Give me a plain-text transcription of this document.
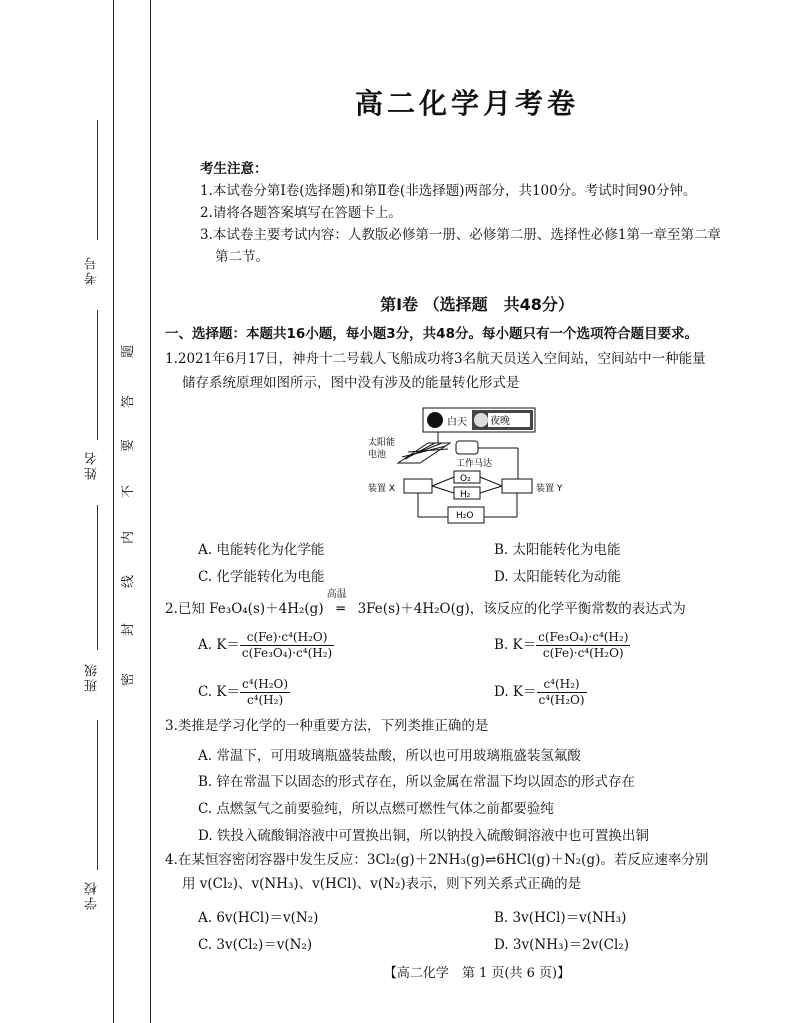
考号
姓名
班级
学校
密
封
线
内
不
要
答
题
高二化学月考卷
考生注意：
1.本试卷分第Ⅰ卷(选择题)和第Ⅱ卷(非选择题)两部分，共100分。考试时间90分钟。
2.请将各题答案填写在答题卡上。
3.本试卷主要考试内容：人教版必修第一册、必修第二册、选择性必修1第一章至第二章
第二节。
第Ⅰ卷 （选择题　共48分）
一、选择题：本题共16小题，每小题3分，共48分。每小题只有一个选项符合题目要求。
1.2021年6月17日，神舟十二号载人飞船成功将3名航天员送入空间站，空间站中一种能量
储存系统原理如图所示，图中没有涉及的能量转化形式是
白天 夜晚
太阳能
电池
工作马达
装置 X
O₂
H₂
装置 Y
H₂O
A. 电能转化为化学能	B. 太阳能转化为电能
C. 化学能转化为电能	D. 太阳能转化为动能
2.已知 Fe₃O₄(s)＋4H₂(g)
高温
═ 3Fe(s)＋4H₂O(g)，该反应的化学平衡常数的表达式为
A. $K= \frac{\text{c(Fe)·c⁴(H₂O)}}{\text{c(Fe₃O₄)·c⁴(H₂)}}$	B. $K= \frac{\text{c(Fe₃O₄)·c⁴(H₂)}}{\text{c(Fe)·c⁴(H₂O)}}$
C. $K= \frac{\text{c⁴(H₂O)}}{\text{c⁴(H₂)}}$	D. $K= \frac{\text{c⁴(H₂)}}{\text{c⁴(H₂O)}}$
3.类推是学习化学的一种重要方法，下列类推正确的是
A. 常温下，可用玻璃瓶盛装盐酸，所以也可用玻璃瓶盛装氢氟酸
B. 锌在常温下以固态的形式存在，所以金属在常温下均以固态的形式存在
C. 点燃氢气之前要验纯，所以点燃可燃性气体之前都要验纯
D. 铁投入硫酸铜溶液中可置换出铜，所以钠投入硫酸铜溶液中也可置换出铜
4.在某恒容密闭容器中发生反应：3Cl₂(g)＋2NH₃(g)⇌6HCl(g)＋N₂(g)。若反应速率分别
用 v(Cl₂)、v(NH₃)、v(HCl)、v(N₂)表示，则下列关系式正确的是
A. 6v(HCl)＝v(N₂)	B. 3v(HCl)＝v(NH₃)
C. 3v(Cl₂)＝v(N₂)	D. 3v(NH₃)＝2v(Cl₂)
【高二化学　第 1 页(共 6 页)】
